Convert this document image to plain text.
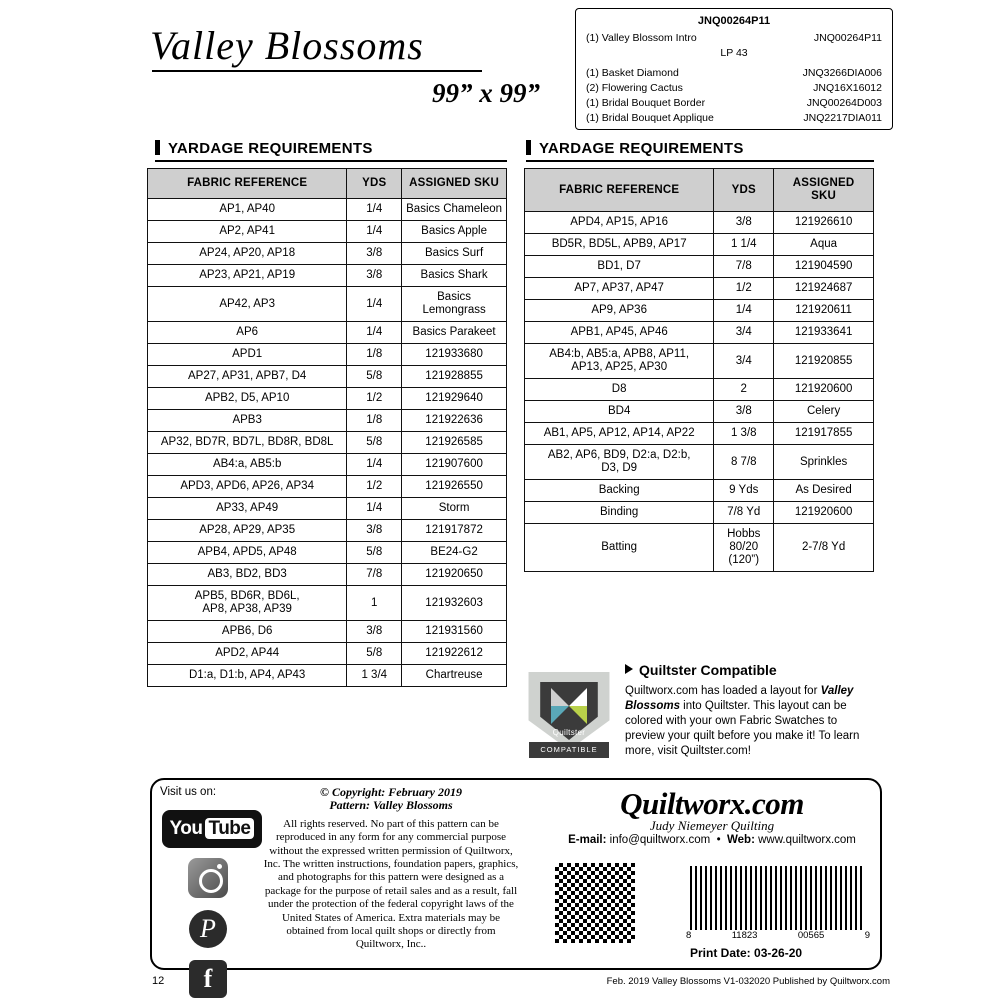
Valley Blossoms
99” x 99”
JNQ00264P11
(1) Valley Blossom Intro	JNQ00264P11
LP 43
(1) Basket Diamond	JNQ3266DIA006
(2) Flowering Cactus	JNQ16X16012
(1) Bridal Bouquet Border	JNQ00264D003
(1) Bridal Bouquet Applique	JNQ2217DIA011
YARDAGE REQUIREMENTS	YARDAGE REQUIREMENTS
FABRIC REFERENCE	YDS	ASSIGNED SKU
AP1, AP40	1/4	Basics Chameleon
AP2, AP41	1/4	Basics Apple
AP24, AP20, AP18	3/8	Basics Surf
AP23, AP21, AP19	3/8	Basics Shark
AP42, AP3	1/4	Basics Lemongrass
AP6	1/4	Basics Parakeet
APD1	1/8	121933680
AP27, AP31, APB7, D4	5/8	121928855
APB2, D5, AP10	1/2	121929640
APB3	1/8	121922636
AP32, BD7R, BD7L, BD8R, BD8L	5/8	121926585
AB4:a, AB5:b	1/4	121907600
APD3, APD6, AP26, AP34	1/2	121926550
AP33, AP49	1/4	Storm
AP28, AP29, AP35	3/8	121917872
APB4, APD5, AP48	5/8	BE24-G2
AB3, BD2, BD3	7/8	121920650
APB5, BD6R, BD6L,
AP8, AP38, AP39	1	121932603
APB6, D6	3/8	121931560
APD2, AP44	5/8	121922612
D1:a, D1:b, AP4, AP43	1 3/4	Chartreuse
FABRIC REFERENCE	YDS	ASSIGNED
SKU
APD4, AP15, AP16	3/8	121926610
BD5R, BD5L, APB9, AP17	1 1/4	Aqua
BD1, D7	7/8	121904590
AP7, AP37, AP47	1/2	121924687
AP9, AP36	1/4	121920611
APB1, AP45, AP46	3/4	121933641
AB4:b, AB5:a, APB8, AP11,
AP13, AP25, AP30	3/4	121920855
D8	2	121920600
BD4	3/8	Celery
AB1, AP5, AP12, AP14, AP22	1 3/8	121917855
AB2, AP6, BD9, D2:a, D2:b,
D3, D9	8 7/8	Sprinkles
Backing	9 Yds	As Desired
Binding	7/8 Yd	121920600
Batting	Hobbs
80/20
(120”)	2-7/8 Yd
Quiltster
COMPATIBLE
Quiltster Compatible
Quiltworx.com has loaded a layout for Valley Blossoms into Quiltster. This layout can be colored with your own Fabric Swatches to preview your quilt before you make it! To learn more, visit Quiltster.com!
Visit us on:
You Tube
P
f
© Copyright: February 2019
Pattern: Valley Blossoms
All rights reserved. No part of this pattern can be reproduced in any form for any commercial purpose without the expressed written permission of Quiltworx, Inc. The written instructions, foundation papers, graphics, and photographs for this pattern were designed as a package for the purpose of retail sales and as a result, fall under the protection of the federal copyright laws of the United States of America. Extra materials may be obtained from local quilt shops or directly from Quiltworx, Inc..
Quiltworx.com
Judy Niemeyer Quilting
E-mail: info@quiltworx.com  •  Web: www.quiltworx.com
8	11823	00565	9
Print Date: 03-26-20
12	Feb. 2019 Valley Blossoms V1-032020 Published by Quiltworx.com
